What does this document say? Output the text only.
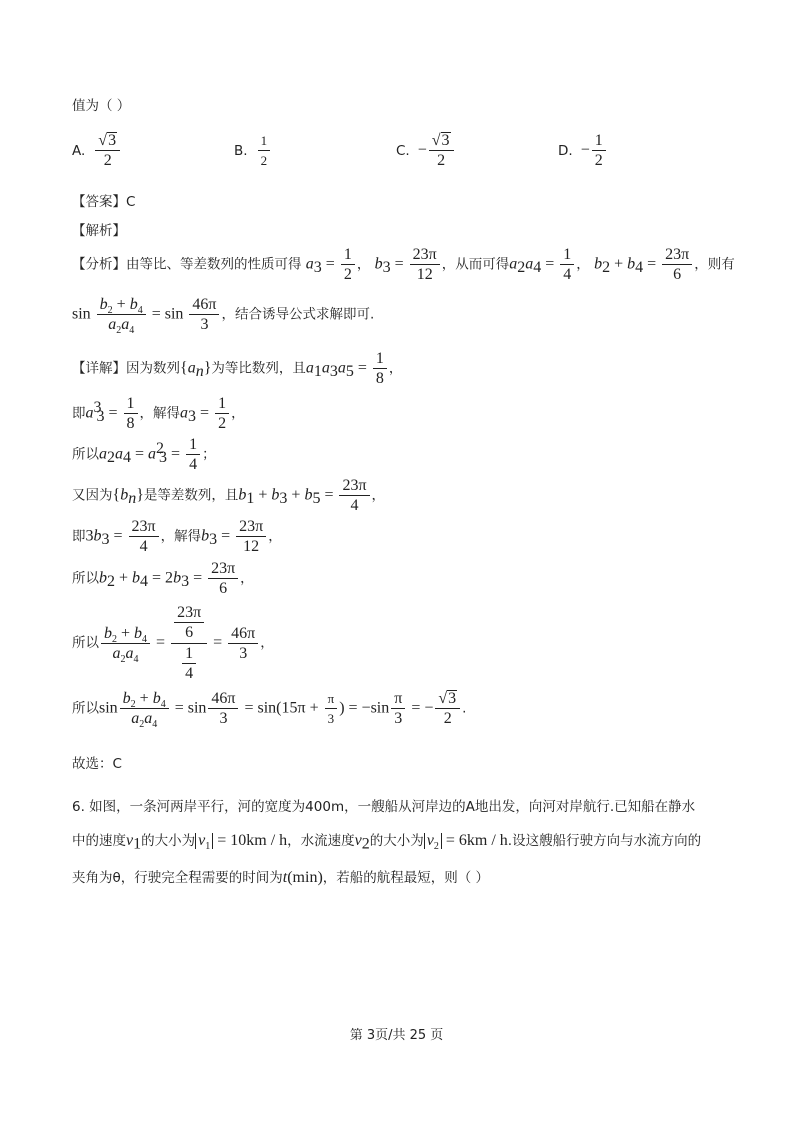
值为（ ）
A. $\frac{√3}{2}$	B. $\frac{1}{2}$	C. − $\frac{√3}{2}$	D. − $\frac{1}{2}$
【答案】C
【解析】
【分析】由等比、等差数列的性质可得 $a_3 = \frac{1}{2}$ ， $b_3 = \frac{23\pi}{12}$ ，从而可得$a_2a_4 = \frac{1}{4}$ ， $b_2 + b_4 = \frac{23\pi}{6}$ ，则有
$\sin \frac{b_2 + b_4}{a_2a_4} = \sin \frac{46\pi}{3}$ ，结合诱导公式求解即可.
【详解】因为数列$\{a_n\}$为等比数列，且$a_1a_3a_5 = \frac{1}{8}$ ，
即$a^3_3 = \frac{1}{8}$ ，解得$a_3 = \frac{1}{2}$ ，
所以$a_2a_4 = a^2_3 = \frac{1}{4}$ ；
又因为$\{b_n\}$是等差数列，且$b_1 + b_3 + b_5 = \frac{23\pi}{4}$ ，
即$3b_3 = \frac{23\pi}{4}$ ，解得$b_3 = \frac{23\pi}{12}$ ，
所以$b_2 + b_4 = 2b_3 = \frac{23\pi}{6}$ ，
所以 $\frac{b_2 + b_4}{a_2a_4} = \frac{\frac{23\pi}{6}}{\frac{1}{4}} = \frac{46\pi}{3}$ ，
所以$\sin \frac{b_2 + b_4}{a_2a_4} = \sin \frac{46\pi}{3} = \sin(15\pi + \frac{\pi}{3}$ ) = $-\sin \frac{\pi}{3}$ = − $\frac{√3}{2}$ .
故选：C
6. 如图，一条河两岸平行，河的宽度为400m，一艘船从河岸边的A地出发，向河对岸航行.已知船在静水
中的速度$v_1$的大小为 $v_1 = 10km / h$，水流速度$v_2$的大小为 $v_2 = 6km / h$.设这艘船行驶方向与水流方向的
夹角为θ，行驶完全程需要的时间为t(min)，若船的航程最短，则（ ）
第 3页/共 25 页
